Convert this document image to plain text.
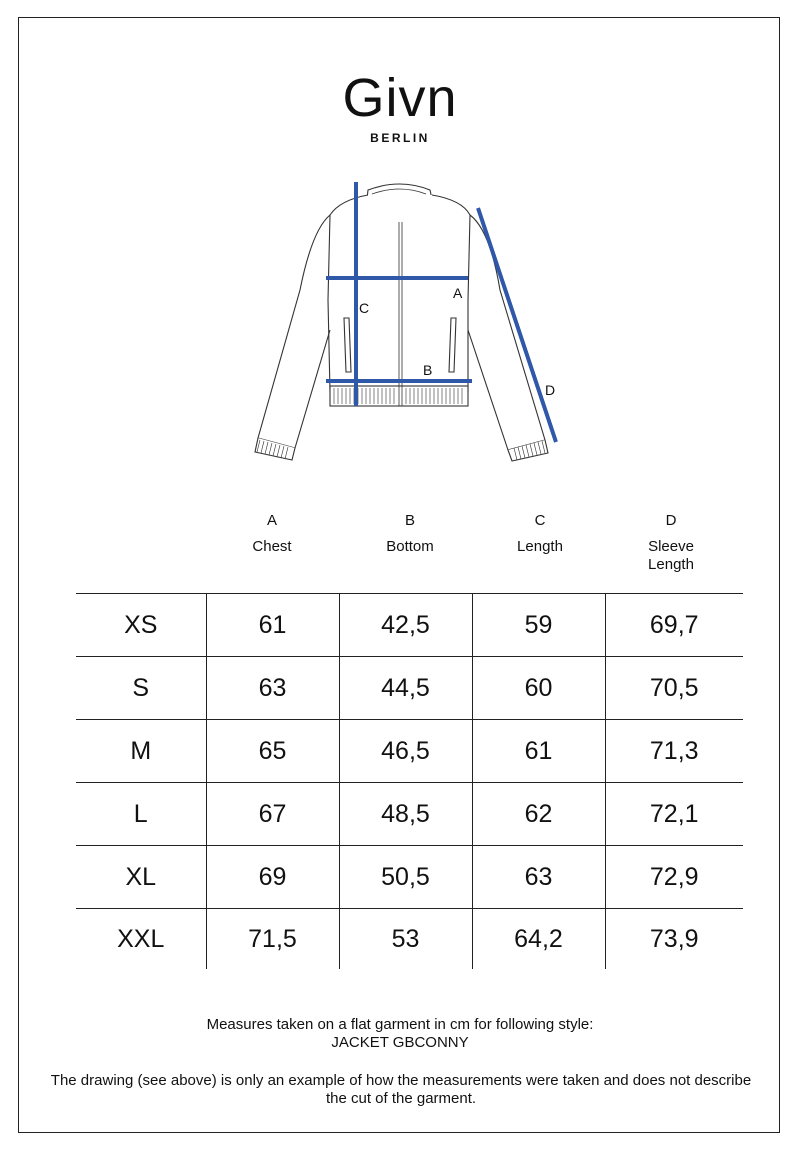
Givn
BERLIN
C
A
B
D
A
Chest
B
Bottom
C
Length
D
Sleeve Length
XS	61	42,5	59	69,7
S	63	44,5	60	70,5
M	65	46,5	61	71,3
L	67	48,5	62	72,1
XL	69	50,5	63	72,9
XXL	71,5	53	64,2	73,9
Measures taken on a flat garment in cm for following style:
JACKET GBCONNY
The drawing (see above) is only an example of how the measurements were taken and does not describe the cut of the garment.
